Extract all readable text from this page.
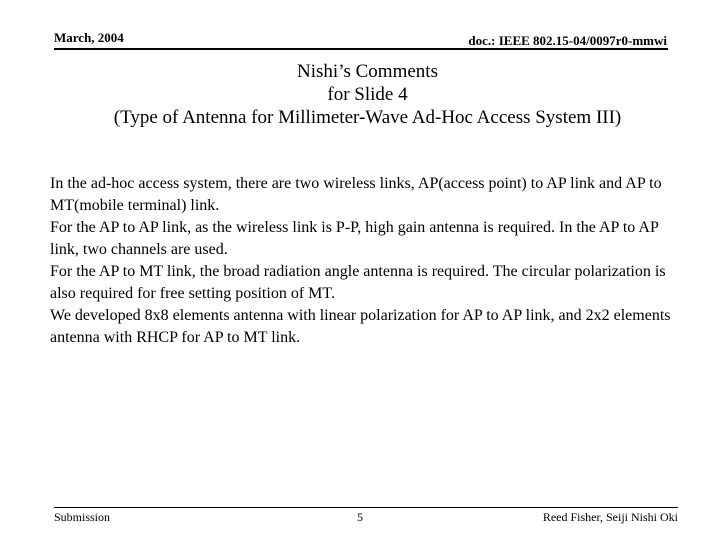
March, 2004	doc.: IEEE 802.15-04/0097r0-mmwi
Nishi’s Comments
for Slide 4
(Type of Antenna for Millimeter-Wave Ad-Hoc Access System III)

In the ad-hoc access system, there are two wireless links, AP(access point) to AP link and AP to MT(mobile terminal) link.

For the AP to AP link, as the wireless link is P-P, high gain antenna is required. In the AP to AP link, two channels are used.

For the AP to MT link, the broad radiation angle antenna is required. The circular polarization is also required for free setting position of MT.

We developed 8x8 elements antenna with linear polarization for AP to AP link, and 2x2 elements antenna with RHCP for AP to MT link.

Submission	5	Reed Fisher, Seiji Nishi Oki
